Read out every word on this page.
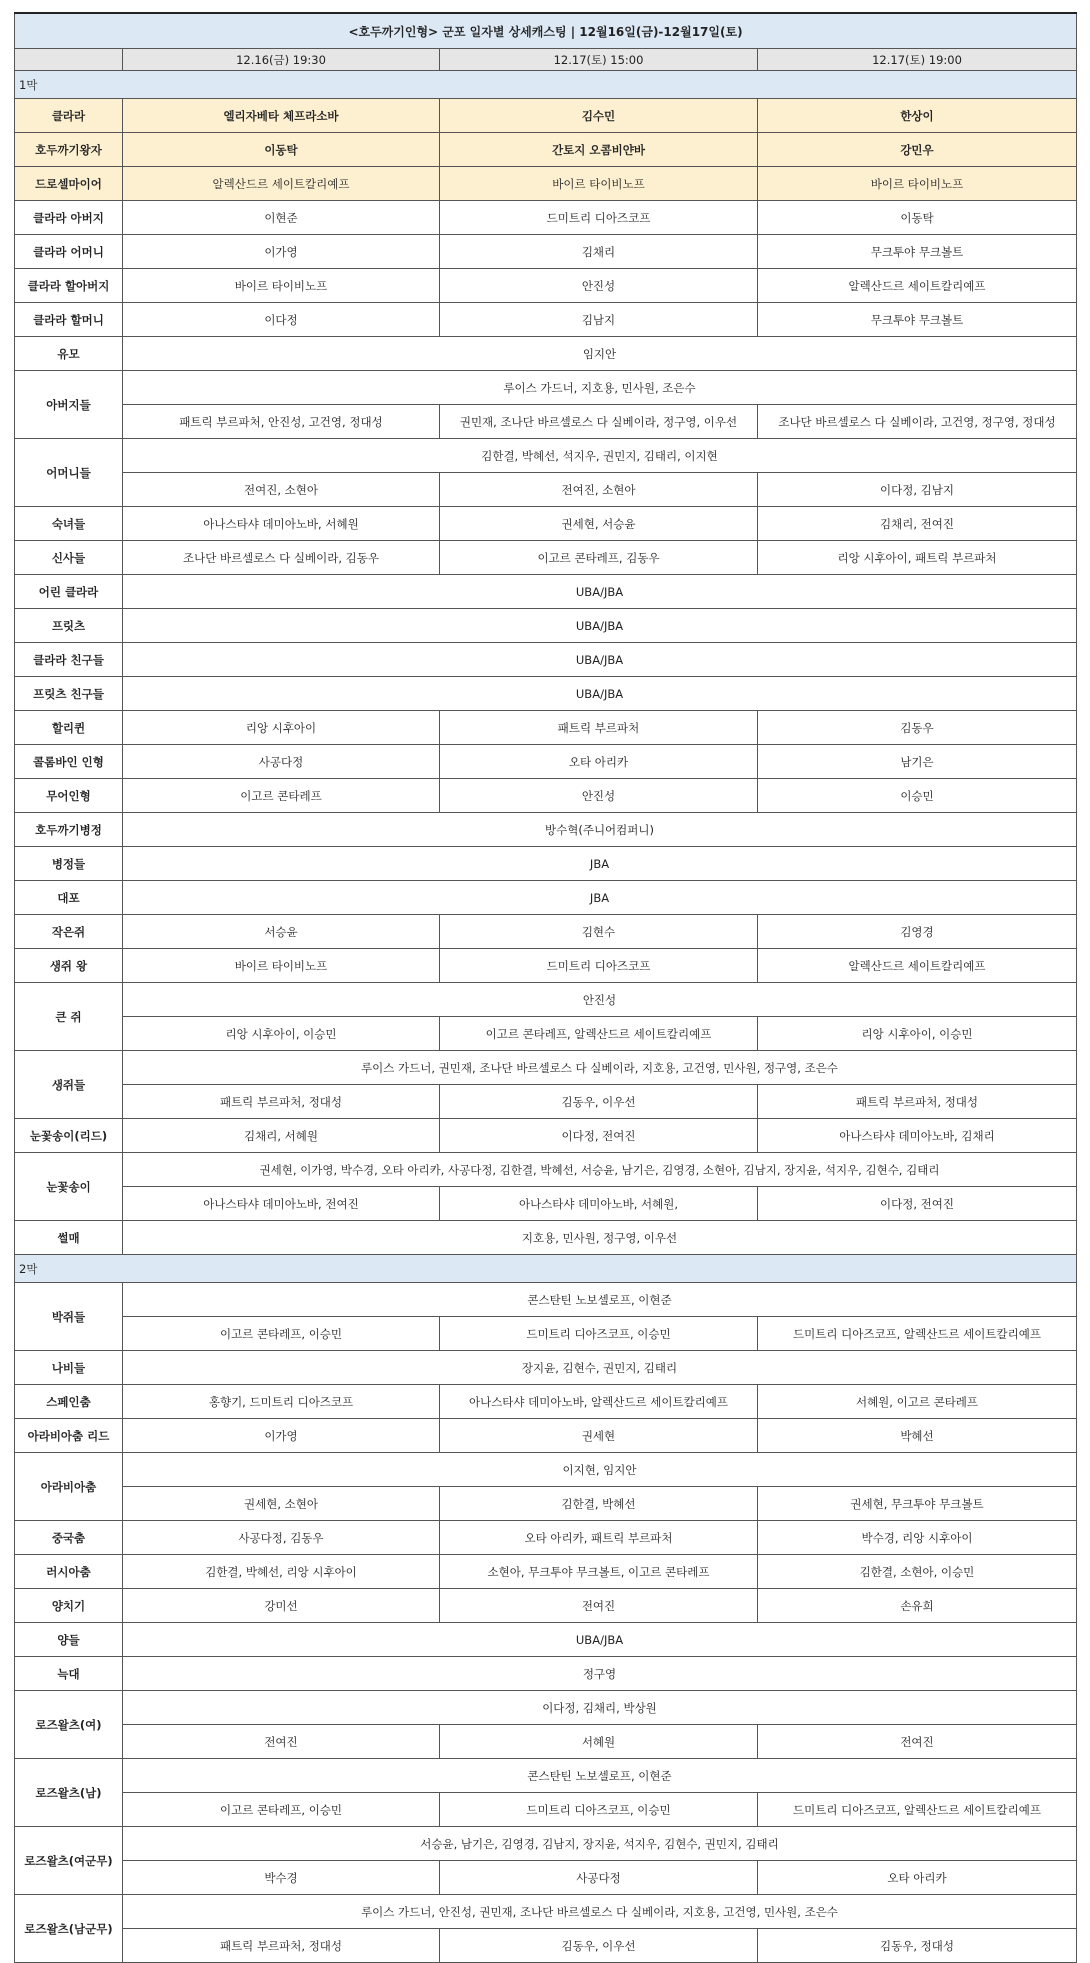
<호두까기인형> 군포 일자별 상세캐스팅 | 12월16일(금)-12월17일(토)			
	12.16(금) 19:30	12.17(토) 15:00	12.17(토) 19:00
1막			
클라라	엘리자베타 체프라소바	김수민	한상이
호두까기왕자	이동탁	간토지 오콤비얀바	강민우
드로셀마이어	알렉산드르 세이트칼리예프	바이르 타이비노프	바이르 타이비노프
클라라 아버지	이현준	드미트리 디아즈코프	이동탁
클라라 어머니	이가영	김채리	무크투야 무크볼트
클라라 할아버지	바이르 타이비노프	안진성	알렉산드르 세이트칼리예프
클라라 할머니	이다정	김남지	무크투야 무크볼트
유모	임지안		
아버지들	루이스 가드너, 지호용, 민사원, 조은수		
	패트릭 부르파처, 안진성, 고건영, 정대성	권민재, 조나단 바르셀로스 다 실베이라, 정구영, 이우선	조나단 바르셀로스 다 실베이라, 고건영, 정구영, 정대성
어머니들	김한결, 박혜선, 석지우, 권민지, 김태리, 이지현		
	전여진, 소현아	전여진, 소현아	이다정, 김남지
숙녀들	아나스타샤 데미아노바, 서혜원	권세현, 서승윤	김채리, 전여진
신사들	조나단 바르셀로스 다 실베이라, 김동우	이고르 콘타레프, 김동우	리앙 시후아이, 패트릭 부르파처
어린 클라라	UBA/JBA		
프릿츠	UBA/JBA		
클라라 친구들	UBA/JBA		
프릿츠 친구들	UBA/JBA		
할리퀸	리앙 시후아이	패트릭 부르파처	김동우
콜롬바인 인형	사공다정	오타 아리카	남기은
무어인형	이고르 콘타레프	안진성	이승민
호두까기병정	방수혁(주니어컴퍼니)		
병정들	JBA		
대포	JBA		
작은쥐	서승윤	김현수	김영경
생쥐 왕	바이르 타이비노프	드미트리 디아즈코프	알렉산드르 세이트칼리예프
큰 쥐	안진성		
	리앙 시후아이, 이승민	이고르 콘타레프, 알렉산드르 세이트칼리예프	리앙 시후아이, 이승민
생쥐들	루이스 가드너, 권민재, 조나단 바르셀로스 다 실베이라, 지호용, 고건영, 민사원, 정구영, 조은수		
	패트릭 부르파처, 정대성	김동우, 이우선	패트릭 부르파처, 정대성
눈꽃송이(리드)	김채리, 서혜원	이다정, 전여진	아나스타샤 데미아노바, 김채리
눈꽃송이	권세현, 이가영, 박수경, 오타 아리카, 사공다정, 김한결, 박혜선, 서승윤, 남기은, 김영경, 소현아, 김남지, 장지윤, 석지우, 김현수, 김태리		
	아나스타샤 데미아노바, 전여진	아나스타샤 데미아노바, 서혜원,	이다정, 전여진
썰매	지호용, 민사원, 정구영, 이우선		
2막			
박쥐들	콘스탄틴 노보셀로프, 이현준		
	이고르 콘타레프, 이승민	드미트리 디아즈코프, 이승민	드미트리 디아즈코프, 알렉산드르 세이트칼리예프
나비들	장지윤, 김현수, 권민지, 김태리		
스페인춤	홍향기, 드미트리 디아즈코프	아나스타샤 데미아노바, 알렉산드르 세이트칼리예프	서혜원, 이고르 콘타레프
아라비아춤 리드	이가영	권세현	박혜선
아라비아춤	이지현, 임지안		
	권세현, 소현아	김한결, 박혜선	권세현, 무크투야 무크볼트
중국춤	사공다정, 김동우	오타 아리카, 패트릭 부르파처	박수경, 리앙 시후아이
러시아춤	김한결, 박혜선, 리앙 시후아이	소현아, 무크투야 무크볼트, 이고르 콘타레프	김한결, 소현아, 이승민
양치기	강미선	전여진	손유희
양들	UBA/JBA		
늑대	정구영		
로즈왈츠(여)	이다정, 김채리, 박상원		
	전여진	서혜원	전여진
로즈왈츠(남)	콘스탄틴 노보셀로프, 이현준		
	이고르 콘타레프, 이승민	드미트리 디아즈코프, 이승민	드미트리 디아즈코프, 알렉산드르 세이트칼리예프
로즈왈츠(여군무)	서승윤, 남기은, 김영경, 김남지, 장지윤, 석지우, 김현수, 권민지, 김태리		
	박수경	사공다정	오타 아리카
로즈왈츠(남군무)	루이스 가드너, 안진성, 권민재, 조나단 바르셀로스 다 실베이라, 지호용, 고건영, 민사원, 조은수		
	패트릭 부르파처, 정대성	김동우, 이우선	김동우, 정대성
